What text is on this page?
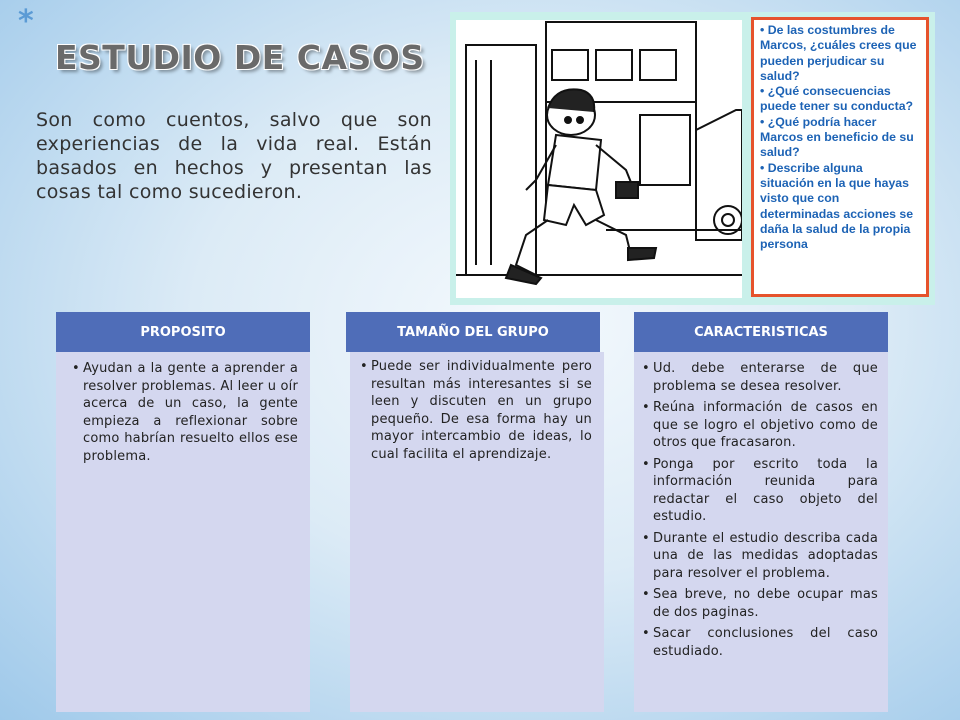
*
ESTUDIO DE CASOS

Son como cuentos, salvo que son experiencias de la vida real. Están basados en hechos y presentan las cosas tal como sucedieron.

• De las costumbres de Marcos, ¿cuáles crees que pueden perjudicar su salud?
• ¿Qué consecuencias puede tener su conducta?
• ¿Qué podría hacer Marcos en beneficio de su salud?
• Describe alguna situación en la que hayas visto que con determinadas acciones se daña la salud de la propia persona
PROPOSITO
• Ayudan a la gente a aprender a resolver problemas. Al leer u oír acerca de un caso, la gente empieza a reflexionar sobre como habrían resuelto ellos ese problema.
TAMAÑO DEL GRUPO
• Puede ser individualmente pero resultan más interesantes si se leen y discuten en un grupo pequeño. De esa forma hay un mayor intercambio de ideas, lo cual facilita el aprendizaje.
CARACTERISTICAS
• Ud. debe enterarse de que problema se desea resolver.
• Reúna información de casos en que se logro el objetivo como de otros que fracasaron.
• Ponga por escrito toda la información reunida para redactar el caso objeto del estudio.
• Durante el estudio describa cada una de las medidas adoptadas para resolver el problema.
• Sea breve, no debe ocupar mas de dos paginas.
• Sacar conclusiones del caso estudiado.
